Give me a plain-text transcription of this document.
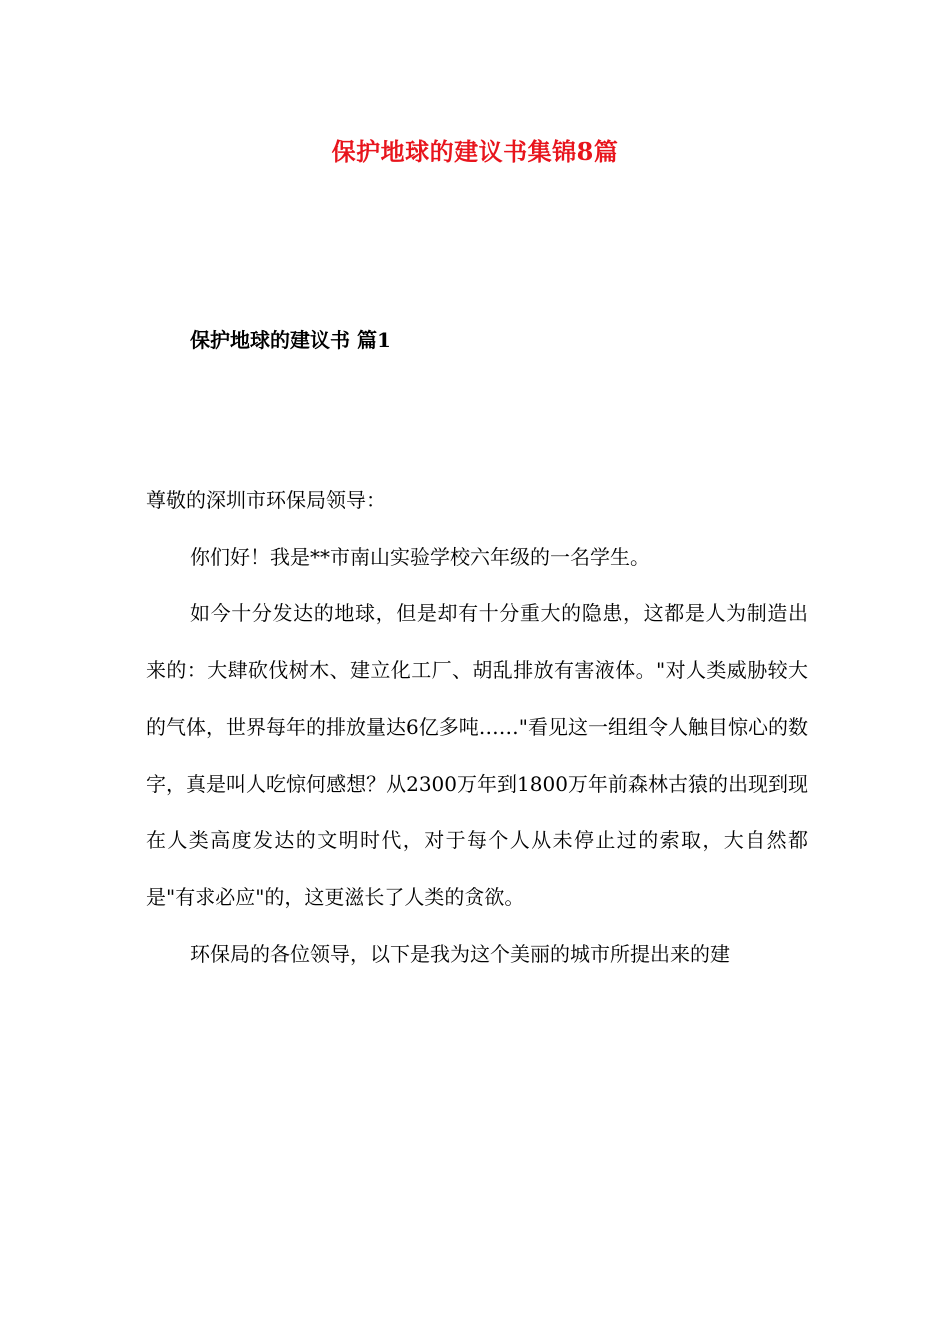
保护地球的建议书集锦8篇
保护地球的建议书 篇1

尊敬的深圳市环保局领导：

你们好！我是**市南山实验学校六年级的一名学生。

如今十分发达的地球，但是却有十分重大的隐患，这都是人为制造出来的：大肆砍伐树木、建立化工厂、胡乱排放有害液体。"对人类威胁较大的气体，世界每年的排放量达6亿多吨……"看见这一组组令人触目惊心的数字，真是叫人吃惊何感想？从2300万年到1800万年前森林古猿的出现到现在人类高度发达的文明时代，对于每个人从未停止过的索取，大自然都是"有求必应"的，这更滋长了人类的贪欲。

环保局的各位领导，以下是我为这个美丽的城市所提出来的建
